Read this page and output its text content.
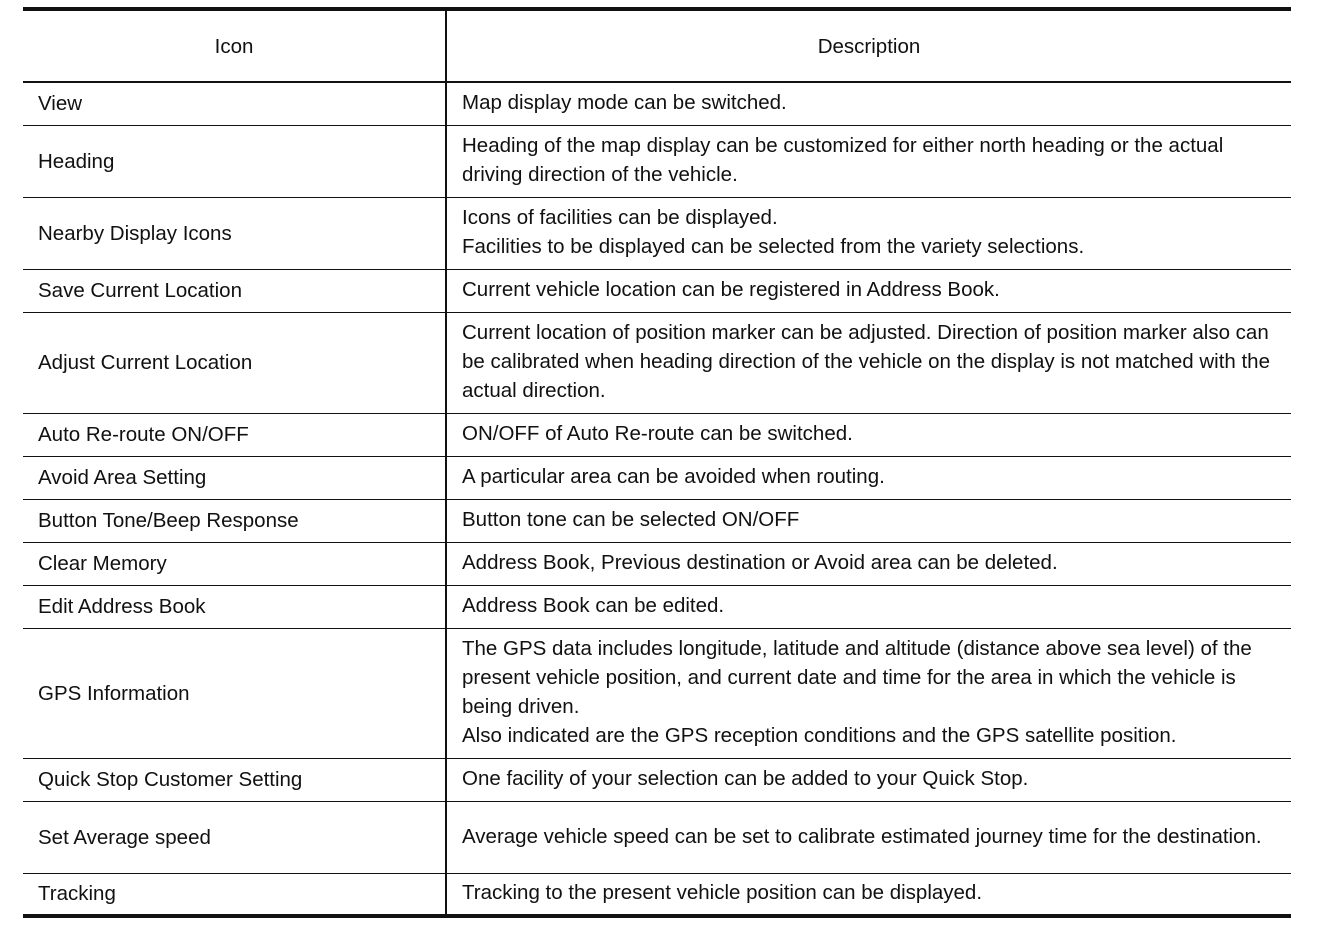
Icon	Description
View	Map display mode can be switched.
Heading	Heading of the map display can be customized for either north heading or the actual driving direction of the vehicle.
Nearby Display Icons	Icons of facilities can be displayed.
Facilities to be displayed can be selected from the variety selections.
Save Current Location	Current vehicle location can be registered in Address Book.
Adjust Current Location	Current location of position marker can be adjusted. Direction of position marker also can be calibrated when heading direction of the vehicle on the display is not matched with the actual direction.
Auto Re-route ON/OFF	ON/OFF of Auto Re-route can be switched.
Avoid Area Setting	A particular area can be avoided when routing.
Button Tone/Beep Response	Button tone can be selected ON/OFF
Clear Memory	Address Book, Previous destination or Avoid area can be deleted.
Edit Address Book	Address Book can be edited.
GPS Information	The GPS data includes longitude, latitude and altitude (distance above sea level) of the present vehicle position, and current date and time for the area in which the vehicle is being driven.
Also indicated are the GPS reception conditions and the GPS satellite position.
Quick Stop Customer Setting	One facility of your selection can be added to your Quick Stop.
Set Average speed	Average vehicle speed can be set to calibrate estimated journey time for the destination.
Tracking	Tracking to the present vehicle position can be displayed.
